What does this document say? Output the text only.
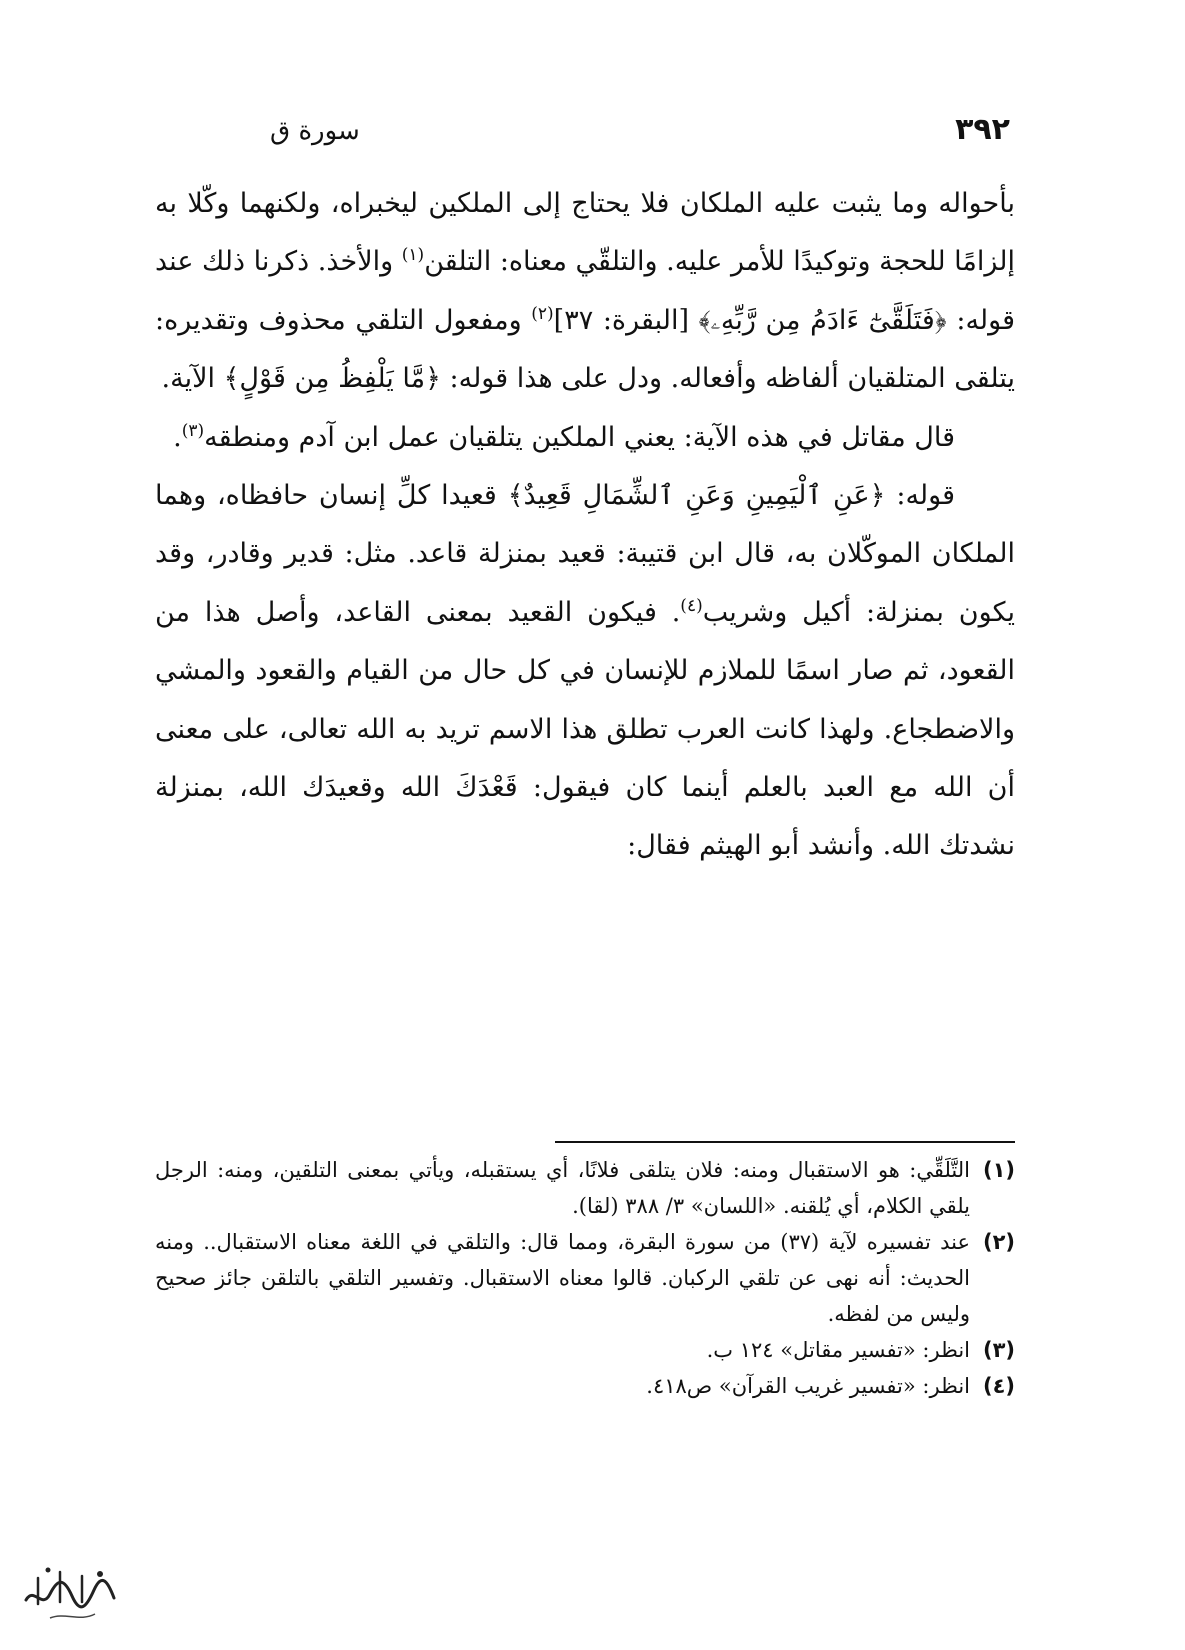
٣٩٢
سورة ق

بأحواله وما يثبت عليه الملكان فلا يحتاج إلى الملكين ليخبراه، ولكنهما وكّلا به إلزامًا للحجة وتوكيدًا للأمر عليه. والتلقّي معناه: التلقن$^{(١)}$ والأخذ. ذكرنا ذلك عند قوله: ﴿فَتَلَقَّىٰٓ ءَادَمُ مِن رَّبِّهِۦ﴾ [البقرة: ٣٧]$^{(٢)}$ ومفعول التلقي محذوف وتقديره: يتلقى المتلقيان ألفاظه وأفعاله. ودل على هذا قوله: ﴿مَّا يَلْفِظُ مِن قَوْلٍ﴾ الآية.

قال مقاتل في هذه الآية: يعني الملكين يتلقيان عمل ابن آدم ومنطقه$^{(٣)}$.

قوله: ﴿عَنِ ٱلْيَمِينِ وَعَنِ ٱلشِّمَالِ قَعِيدٌ﴾ قعيدا كلِّ إنسان حافظاه، وهما الملكان الموكّلان به، قال ابن قتيبة: قعيد بمنزلة قاعد. مثل: قدير وقادر، وقد يكون بمنزلة: أكيل وشريب$^{(٤)}$. فيكون القعيد بمعنى القاعد، وأصل هذا من القعود، ثم صار اسمًا للملازم للإنسان في كل حال من القيام والقعود والمشي والاضطجاع. ولهذا كانت العرب تطلق هذا الاسم تريد به الله تعالى، على معنى أن الله مع العبد بالعلم أينما كان فيقول: قَعْدَكَ الله وقعيدَك الله، بمنزلة نشدتك الله. وأنشد أبو الهيثم فقال:

(١)
التَّلَقِّي: هو الاستقبال ومنه: فلان يتلقى فلانًا، أي يستقبله، ويأتي بمعنى التلقين، ومنه: الرجل يلقي الكلام، أي يُلقنه. «اللسان» ٣/ ٣٨٨ (لقا).
(٢)
عند تفسيره لآية (٣٧) من سورة البقرة، ومما قال: والتلقي في اللغة معناه الاستقبال.. ومنه الحديث: أنه نهى عن تلقي الركبان. قالوا معناه الاستقبال. وتفسير التلقي بالتلقن جائز صحيح وليس من لفظه.
(٣)
انظر: «تفسير مقاتل» ١٢٤ ب.
(٤)
انظر: «تفسير غريب القرآن» ص٤١٨.
